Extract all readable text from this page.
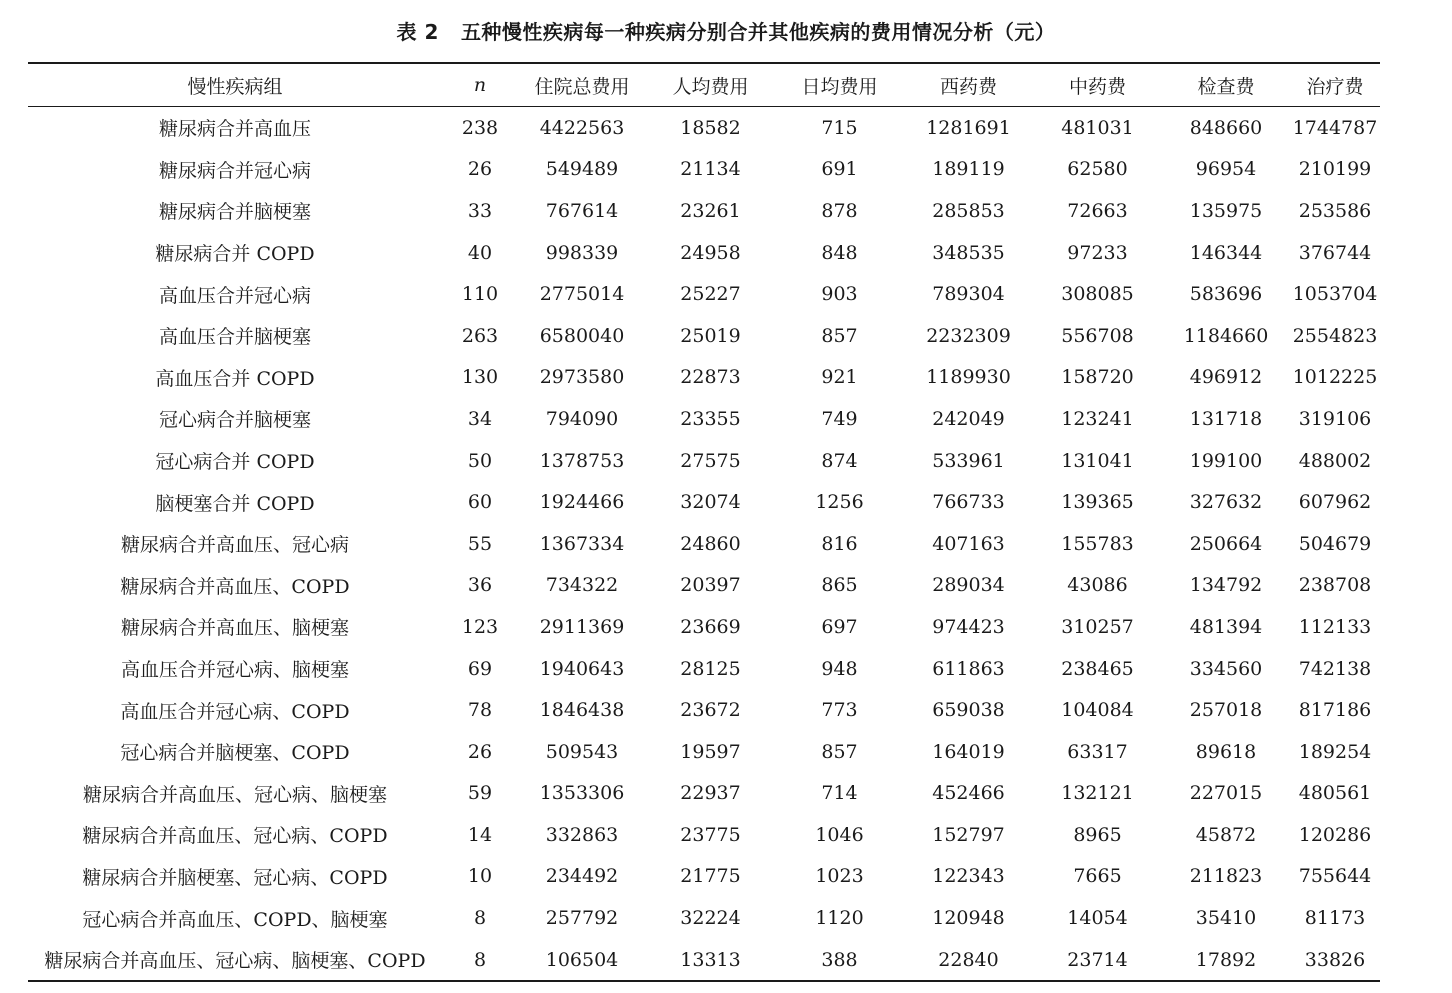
表 2 五种慢性疾病每一种疾病分别合并其他疾病的费用情况分析（元）
慢性疾病组	n	住院总费用	人均费用	日均费用	西药费	中药费	检查费	治疗费
糖尿病合并高血压	238	4422563	18582	715	1281691	481031	848660	1744787
糖尿病合并冠心病	26	549489	21134	691	189119	62580	96954	210199
糖尿病合并脑梗塞	33	767614	23261	878	285853	72663	135975	253586
糖尿病合并 COPD	40	998339	24958	848	348535	97233	146344	376744
高血压合并冠心病	110	2775014	25227	903	789304	308085	583696	1053704
高血压合并脑梗塞	263	6580040	25019	857	2232309	556708	1184660	2554823
高血压合并 COPD	130	2973580	22873	921	1189930	158720	496912	1012225
冠心病合并脑梗塞	34	794090	23355	749	242049	123241	131718	319106
冠心病合并 COPD	50	1378753	27575	874	533961	131041	199100	488002
脑梗塞合并 COPD	60	1924466	32074	1256	766733	139365	327632	607962
糖尿病合并高血压、冠心病	55	1367334	24860	816	407163	155783	250664	504679
糖尿病合并高血压、COPD	36	734322	20397	865	289034	43086	134792	238708
糖尿病合并高血压、脑梗塞	123	2911369	23669	697	974423	310257	481394	112133
高血压合并冠心病、脑梗塞	69	1940643	28125	948	611863	238465	334560	742138
高血压合并冠心病、COPD	78	1846438	23672	773	659038	104084	257018	817186
冠心病合并脑梗塞、COPD	26	509543	19597	857	164019	63317	89618	189254
糖尿病合并高血压、冠心病、脑梗塞	59	1353306	22937	714	452466	132121	227015	480561
糖尿病合并高血压、冠心病、COPD	14	332863	23775	1046	152797	8965	45872	120286
糖尿病合并脑梗塞、冠心病、COPD	10	234492	21775	1023	122343	7665	211823	755644
冠心病合并高血压、COPD、脑梗塞	8	257792	32224	1120	120948	14054	35410	81173
糖尿病合并高血压、冠心病、脑梗塞、COPD	8	106504	13313	388	22840	23714	17892	33826
